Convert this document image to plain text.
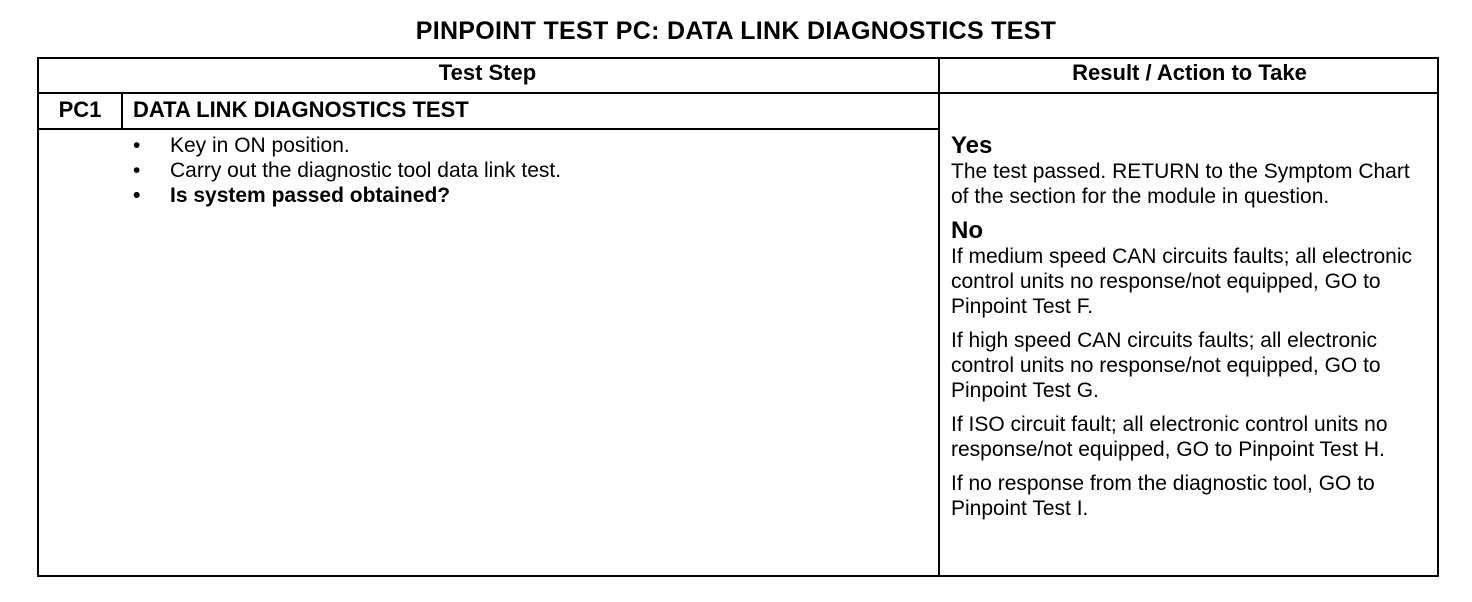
PINPOINT TEST PC: DATA LINK DIAGNOSTICS TEST
Test Step	Result / Action to Take
PC1	DATA LINK DIAGNOSTICS TEST
• Key in ON position.
• Carry out the diagnostic tool data link test.
• Is system passed obtained?

Yes

The test passed. RETURN to the Symptom Chart of the section for the module in question.

No

If medium speed CAN circuits faults; all electronic control units no response/not equipped, GO to Pinpoint Test F.

If high speed CAN circuits faults; all electronic control units no response/not equipped, GO to Pinpoint Test G.

If ISO circuit fault; all electronic control units no response/not equipped, GO to Pinpoint Test H.

If no response from the diagnostic tool, GO to Pinpoint Test I.
